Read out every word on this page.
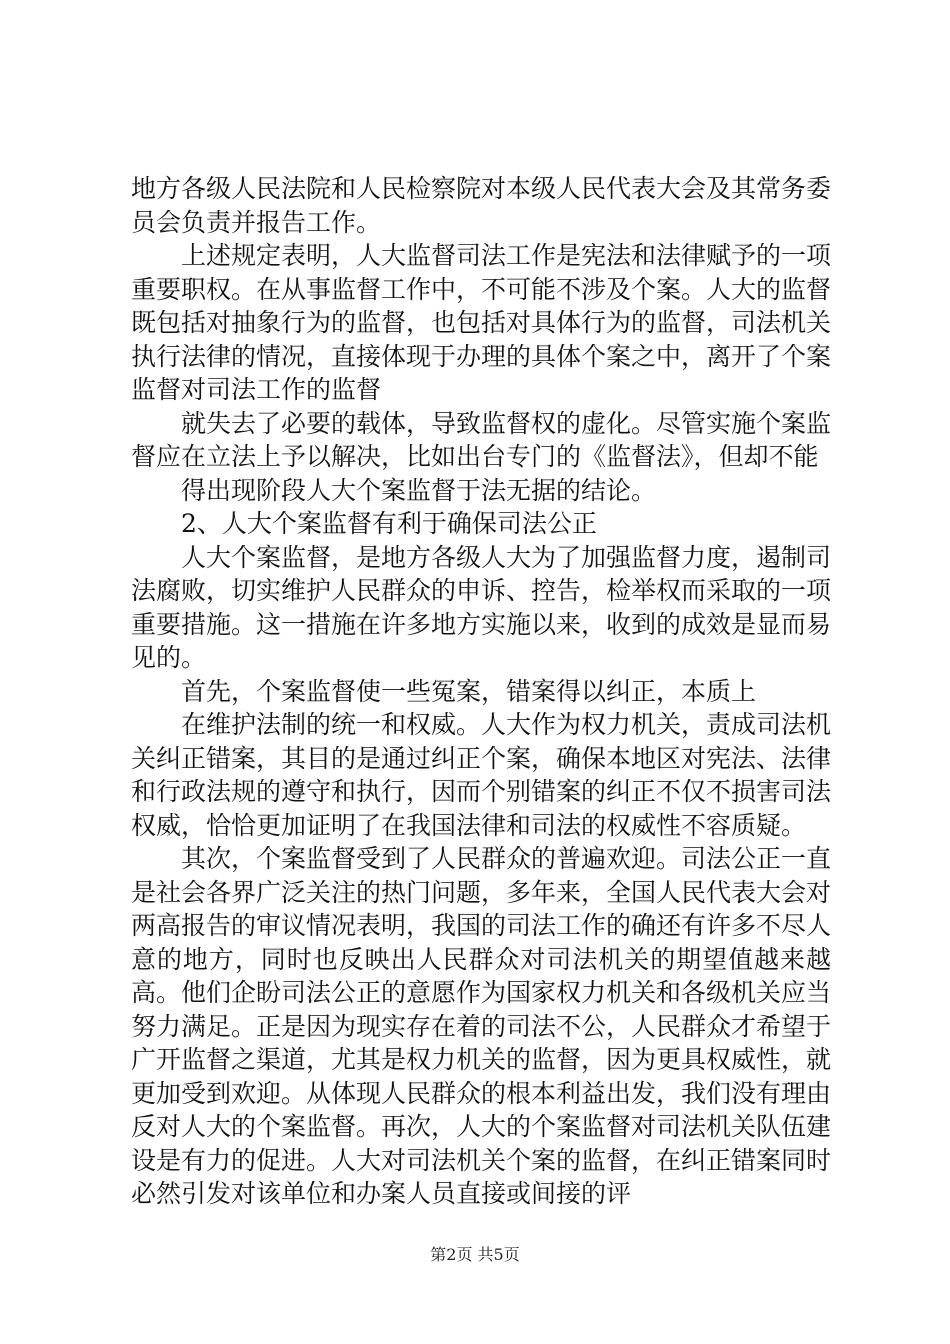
地方各级人民法院和人民检察院对本级人民代表大会及其常务委员会负责并报告工作。

上述规定表明，人大监督司法工作是宪法和法律赋予的一项重要职权。在从事监督工作中，不可能不涉及个案。人大的监督既包括对抽象行为的监督，也包括对具体行为的监督，司法机关执行法律的情况，直接体现于办理的具体个案之中，离开了个案监督对司法工作的监督

就失去了必要的载体，导致监督权的虚化。尽管实施个案监督应在立法上予以解决，比如出台专门的《监督法》，但却不能

得出现阶段人大个案监督于法无据的结论。

2、人大个案监督有利于确保司法公正

人大个案监督，是地方各级人大为了加强监督力度，遏制司法腐败，切实维护人民群众的申诉、控告，检举权而采取的一项重要措施。这一措施在许多地方实施以来，收到的成效是显而易见的。

首先，个案监督使一些冤案，错案得以纠正，本质上

在维护法制的统一和权威。人大作为权力机关，责成司法机关纠正错案，其目的是通过纠正个案，确保本地区对宪法、法律和行政法规的遵守和执行，因而个别错案的纠正不仅不损害司法权威，恰恰更加证明了在我国法律和司法的权威性不容质疑。

其次，个案监督受到了人民群众的普遍欢迎。司法公正一直是社会各界广泛关注的热门问题，多年来，全国人民代表大会对两高报告的审议情况表明，我国的司法工作的确还有许多不尽人意的地方，同时也反映出人民群众对司法机关的期望值越来越高。他们企盼司法公正的意愿作为国家权力机关和各级机关应当努力满足。正是因为现实存在着的司法不公，人民群众才希望于广开监督之渠道，尤其是权力机关的监督，因为更具权威性，就更加受到欢迎。从体现人民群众的根本利益出发，我们没有理由反对人大的个案监督。再次，人大的个案监督对司法机关队伍建设是有力的促进。人大对司法机关个案的监督，在纠正错案同时必然引发对该单位和办案人员直接或间接的评

第2页 共5页
